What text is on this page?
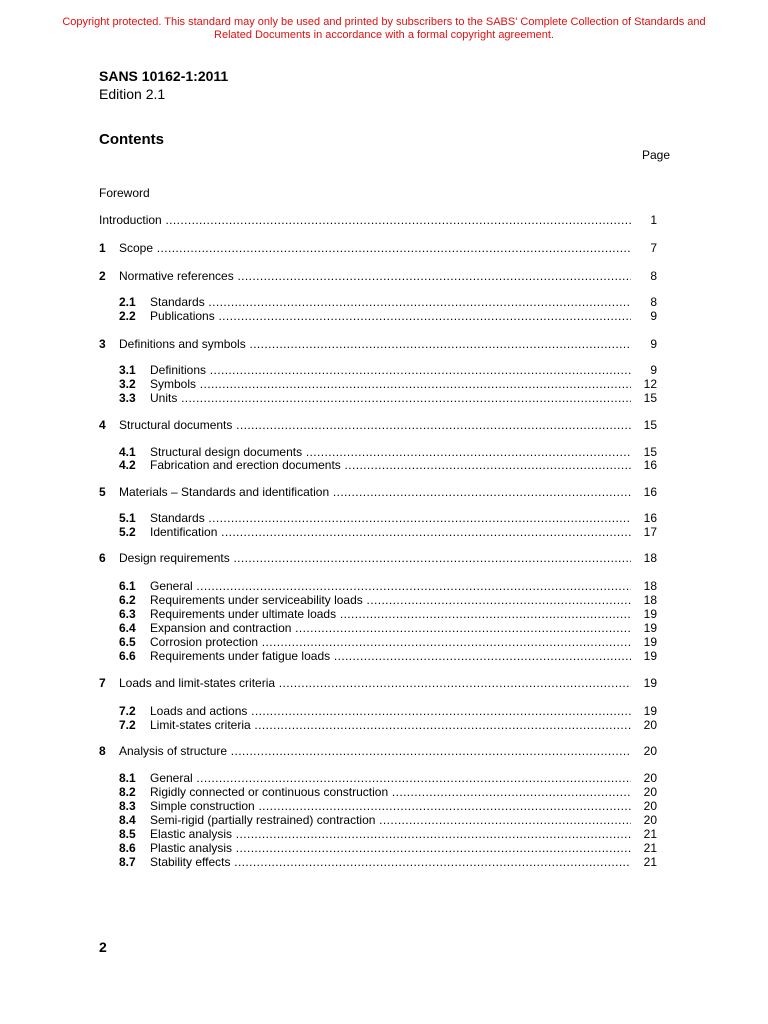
Copyright protected. This standard may only be used and printed by subscribers to the SABS' Complete Collection of Standards and
Related Documents in accordance with a formal copyright agreement.
SANS 10162-1:2011
Edition 2.1
Contents
Page
Foreword
Introduction .....	1
1 Scope .....	7
2 Normative references .....	8
2.1 Standards .....	8
2.2 Publications .....	9
3 Definitions and symbols .....	9
3.1 Definitions .....	9
3.2 Symbols .....	12
3.3 Units .....	15
4 Structural documents .....	15
4.1 Structural design documents .....	15
4.2 Fabrication and erection documents .....	16
5 Materials – Standards and identification .....	16
5.1 Standards .....	16
5.2 Identification .....	17
6 Design requirements .....	18
6.1 General .....	18
6.2 Requirements under serviceability loads .....	18
6.3 Requirements under ultimate loads .....	19
6.4 Expansion and contraction .....	19
6.5 Corrosion protection .....	19
6.6 Requirements under fatigue loads .....	19
7 Loads and limit-states criteria .....	19
7.2 Loads and actions .....	19
7.2 Limit-states criteria .....	20
8 Analysis of structure .....	20
8.1 General .....	20
8.2 Rigidly connected or continuous construction .....	20
8.3 Simple construction .....	20
8.4 Semi-rigid (partially restrained) contraction .....	20
8.5 Elastic analysis .....	21
8.6 Plastic analysis .....	21
8.7 Stability effects .....	21
2
